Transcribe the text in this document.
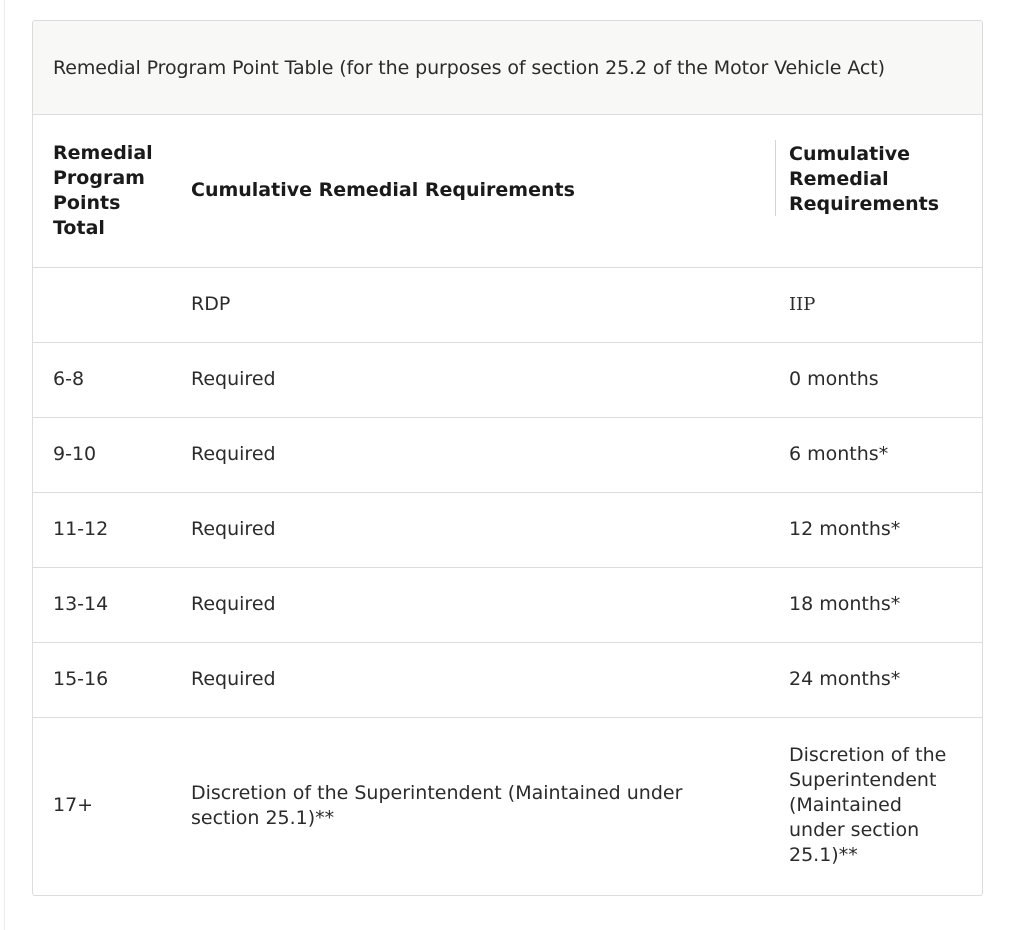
Remedial Program Point Table (for the purposes of section 25.2 of the Motor Vehicle Act)
Remedial Program Points Total	Cumulative Remedial Requirements	Cumulative Remedial Requirements
	RDP	IIP
6-8	Required	0 months
9-10	Required	6 months*
11-12	Required	12 months*
13-14	Required	18 months*
15-16	Required	24 months*
17+	Discretion of the Superintendent (Maintained under section 25.1)**	Discretion of the Superintendent (Maintained under section 25.1)**
